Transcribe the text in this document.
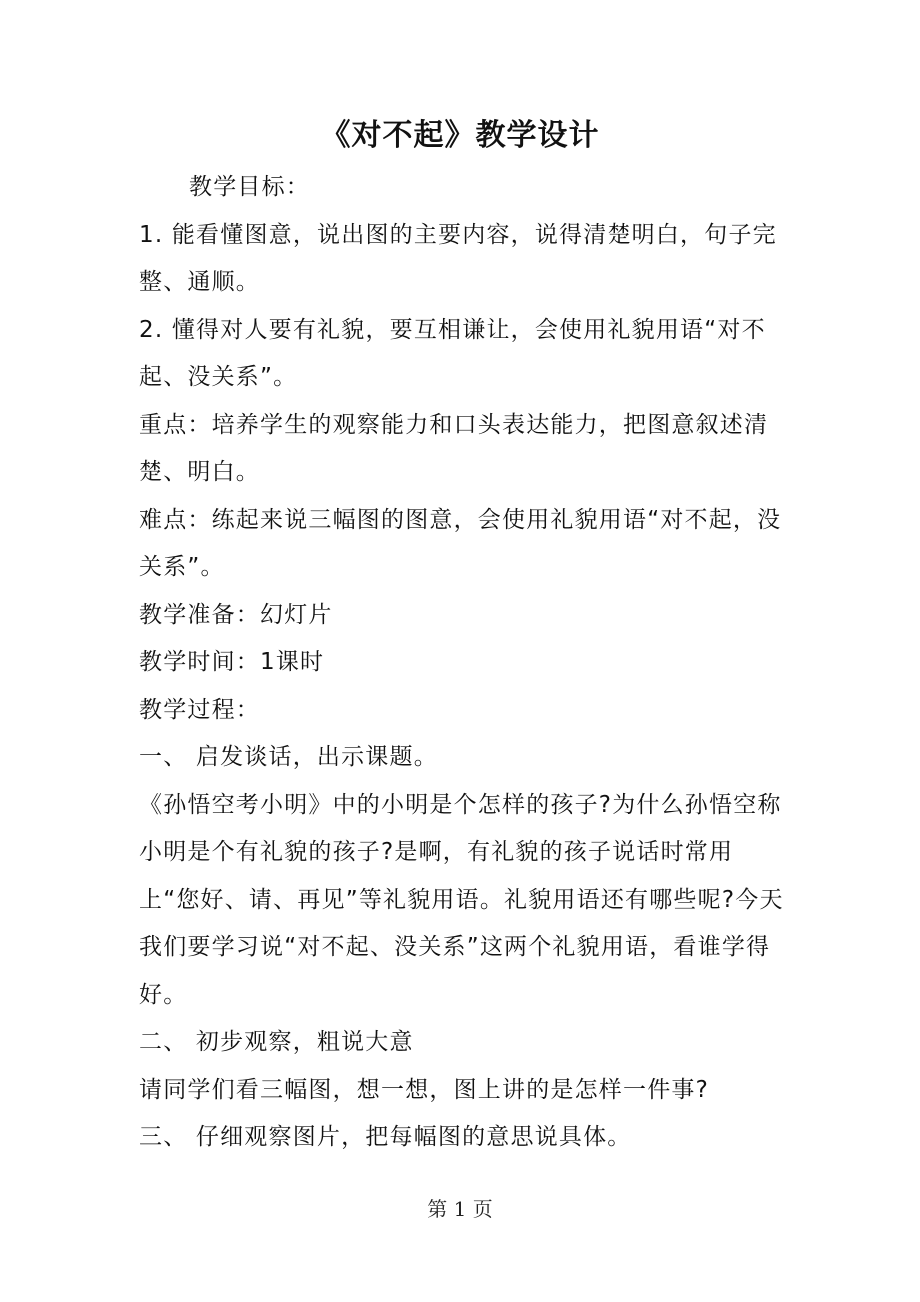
《对不起》教学设计

教学目标：

1. 能看懂图意，说出图的主要内容，说得清楚明白，句子完整、通顺。

2. 懂得对人要有礼貌，要互相谦让，会使用礼貌用语“对不起、没关系”。

重点：培养学生的观察能力和口头表达能力，把图意叙述清楚、明白。

难点：练起来说三幅图的图意，会使用礼貌用语“对不起，没关系”。

教学准备：幻灯片

教学时间：1课时

教学过程：

一、 启发谈话，出示课题。

《孙悟空考小明》中的小明是个怎样的孩子?为什么孙悟空称小明是个有礼貌的孩子?是啊，有礼貌的孩子说话时常用上“您好、请、再见”等礼貌用语。礼貌用语还有哪些呢?今天我们要学习说“对不起、没关系”这两个礼貌用语，看谁学得好。

二、 初步观察，粗说大意

请同学们看三幅图，想一想，图上讲的是怎样一件事?

三、 仔细观察图片，把每幅图的意思说具体。

第 1 页
